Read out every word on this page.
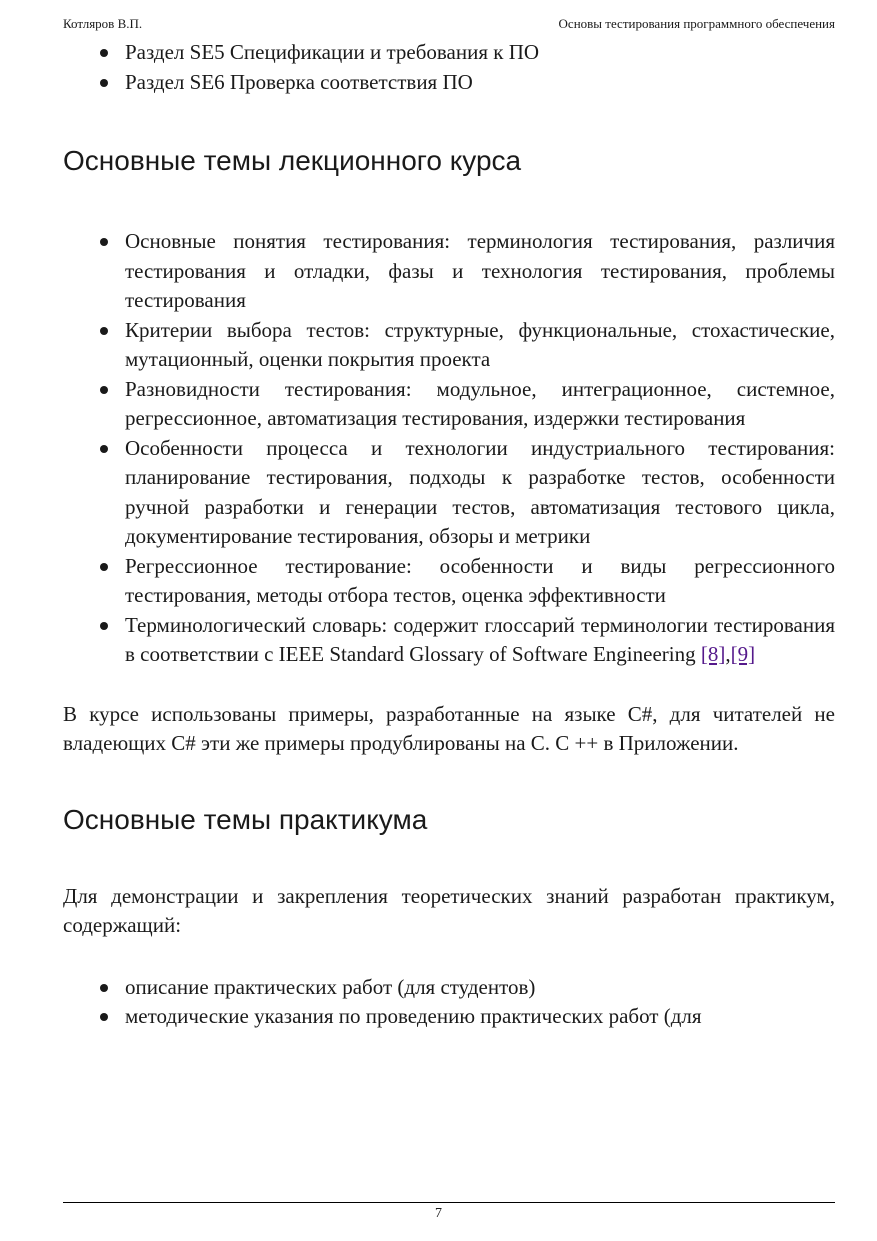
Котляров В.П.	Основы тестирования программного обеспечения
Раздел SE5 Спецификации и требования к ПО
Раздел SE6 Проверка соответствия ПО
Основные темы лекционного курса
Основные понятия тестирования: терминология тестирования, различия тестирования и отладки, фазы и технология тестирования, проблемы тестирования
Критерии выбора тестов: структурные, функциональные, стохастические, мутационный, оценки покрытия проекта
Разновидности тестирования: модульное, интеграционное, системное, регрессионное, автоматизация тестирования, издержки тестирования
Особенности процесса и технологии индустриального тестирования: планирование тестирования, подходы к разработке тестов, особенности ручной разработки и генерации тестов, автоматизация тестового цикла, документирование тестирования, обзоры и метрики
Регрессионное тестирование: особенности и виды регрессионного тестирования, методы отбора тестов, оценка эффективности
Терминологический словарь: содержит глоссарий терминологии тестирования в соответствии с IEEE Standard Glossary of Software Engineering [8],[9]

В курсе использованы примеры, разработанные на языке C#, для читателей не владеющих C# эти же примеры продублированы на C. C ++ в Приложении.

Основные темы практикума

Для демонстрации и закрепления теоретических знаний разработан практикум, содержащий:

описание практических работ (для студентов)
методические указания по проведению практических работ (для
7
